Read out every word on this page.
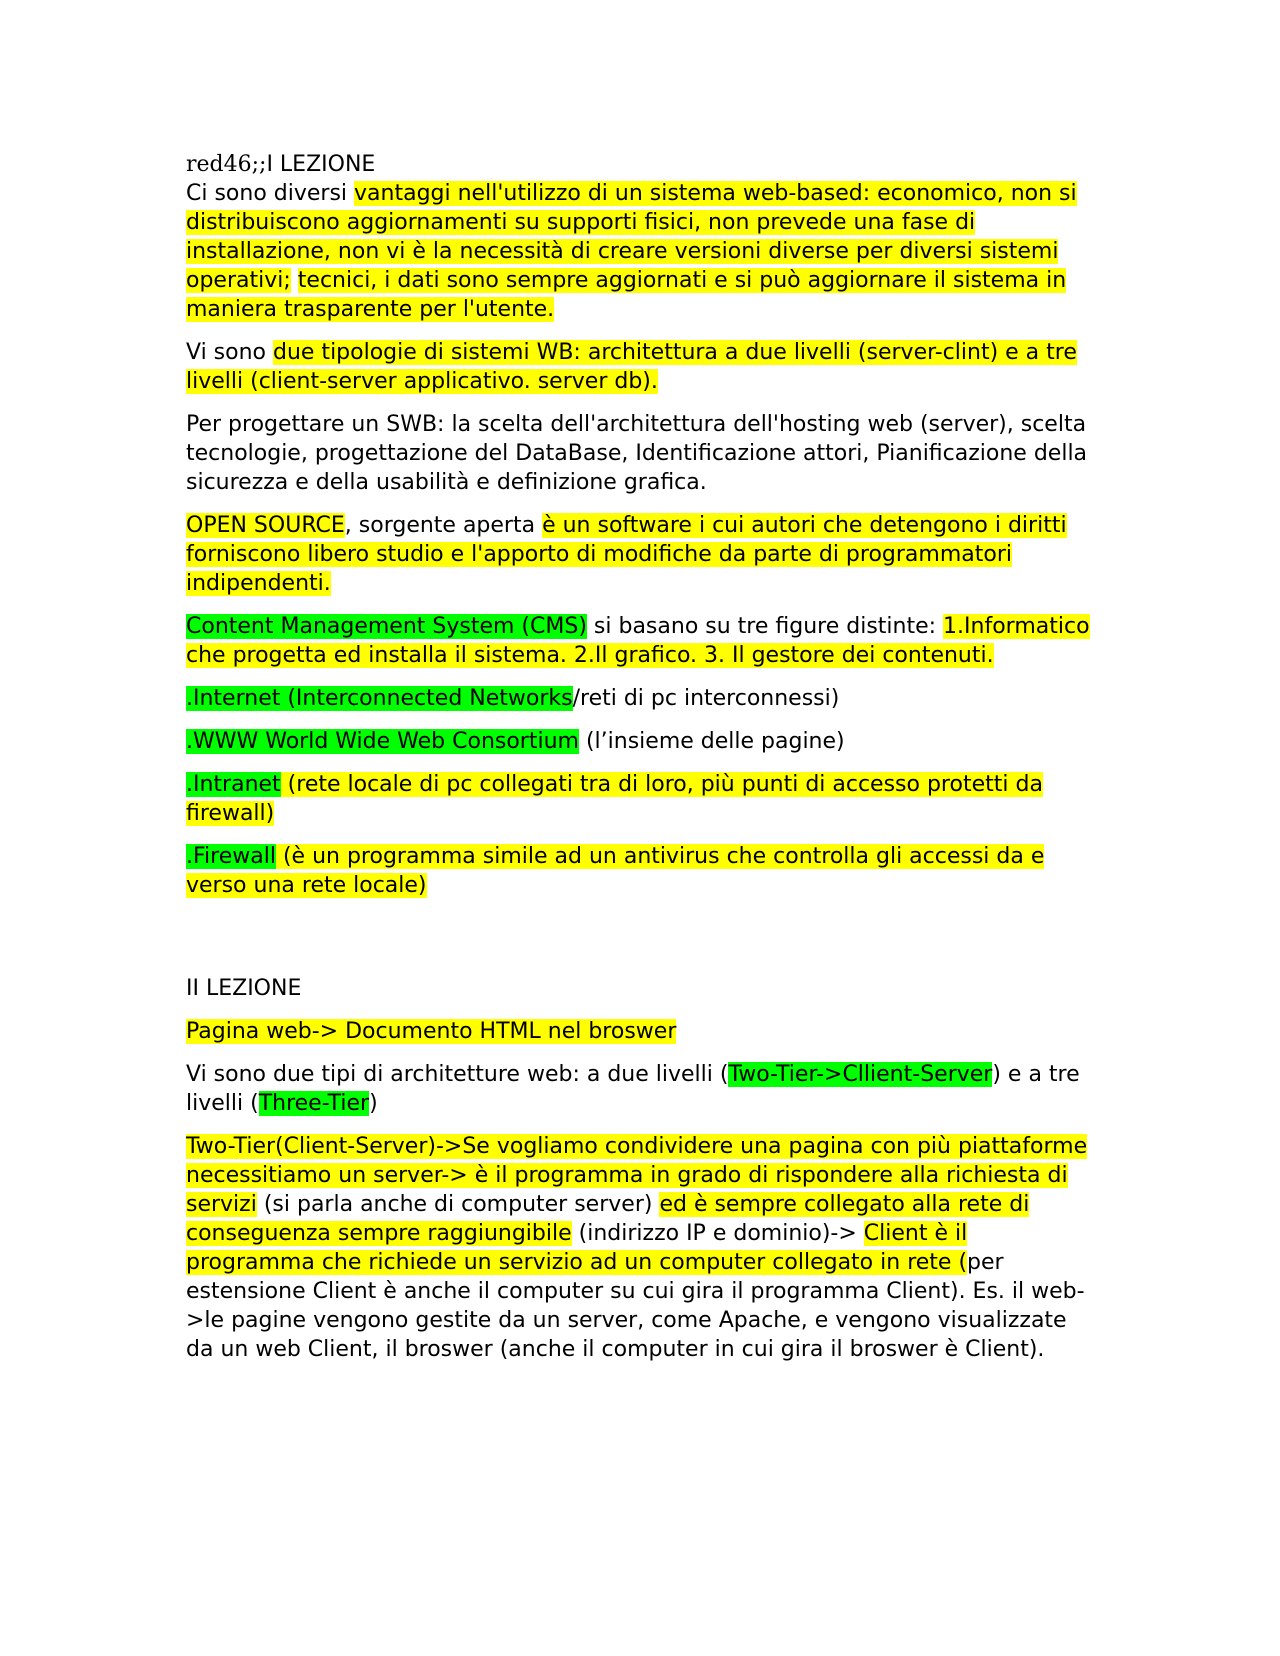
red46;;I LEZIONE

Ci sono diversi vantaggi nell'utilizzo di un sistema web-based: economico, non si distribuiscono aggiornamenti su supporti fisici, non prevede una fase di installazione, non vi è la necessità di creare versioni diverse per diversi sistemi operativi; tecnici, i dati sono sempre aggiornati e si può aggiornare il sistema in maniera trasparente per l'utente.

Vi sono due tipologie di sistemi WB: architettura a due livelli (server-clint) e a tre livelli (client-server applicativo. server db).

Per progettare un SWB: la scelta dell'architettura dell'hosting web (server), scelta tecnologie, progettazione del DataBase, Identificazione attori, Pianificazione della sicurezza e della usabilità e definizione grafica.

OPEN SOURCE, sorgente aperta è un software i cui autori che detengono i diritti forniscono libero studio e l'apporto di modifiche da parte di programmatori indipendenti.

Content Management System (CMS) si basano su tre figure distinte: 1.Informatico che progetta ed installa il sistema. 2.Il grafico. 3. Il gestore dei contenuti.

.Internet (Interconnected Networks/reti di pc interconnessi)

.WWW World Wide Web Consortium (l’insieme delle pagine)

.Intranet (rete locale di pc collegati tra di loro, più punti di accesso protetti da firewall)

.Firewall (è un programma simile ad un antivirus che controlla gli accessi da e verso una rete locale)

II LEZIONE

Pagina web-> Documento HTML nel broswer

Vi sono due tipi di architetture web: a due livelli (Two-Tier->Cllient-Server) e a tre livelli (Three-Tier)

Two-Tier(Client-Server)->Se vogliamo condividere una pagina con più piattaforme necessitiamo un server-> è il programma in grado di rispondere alla richiesta di servizi (si parla anche di computer server) ed è sempre collegato alla rete di conseguenza sempre raggiungibile (indirizzo IP e dominio)-> Client è il programma che richiede un servizio ad un computer collegato in rete (per estensione Client è anche il computer su cui gira il programma Client). Es. il web->le pagine vengono gestite da un server, come Apache, e vengono visualizzate da un web Client, il broswer (anche il computer in cui gira il broswer è Client).
